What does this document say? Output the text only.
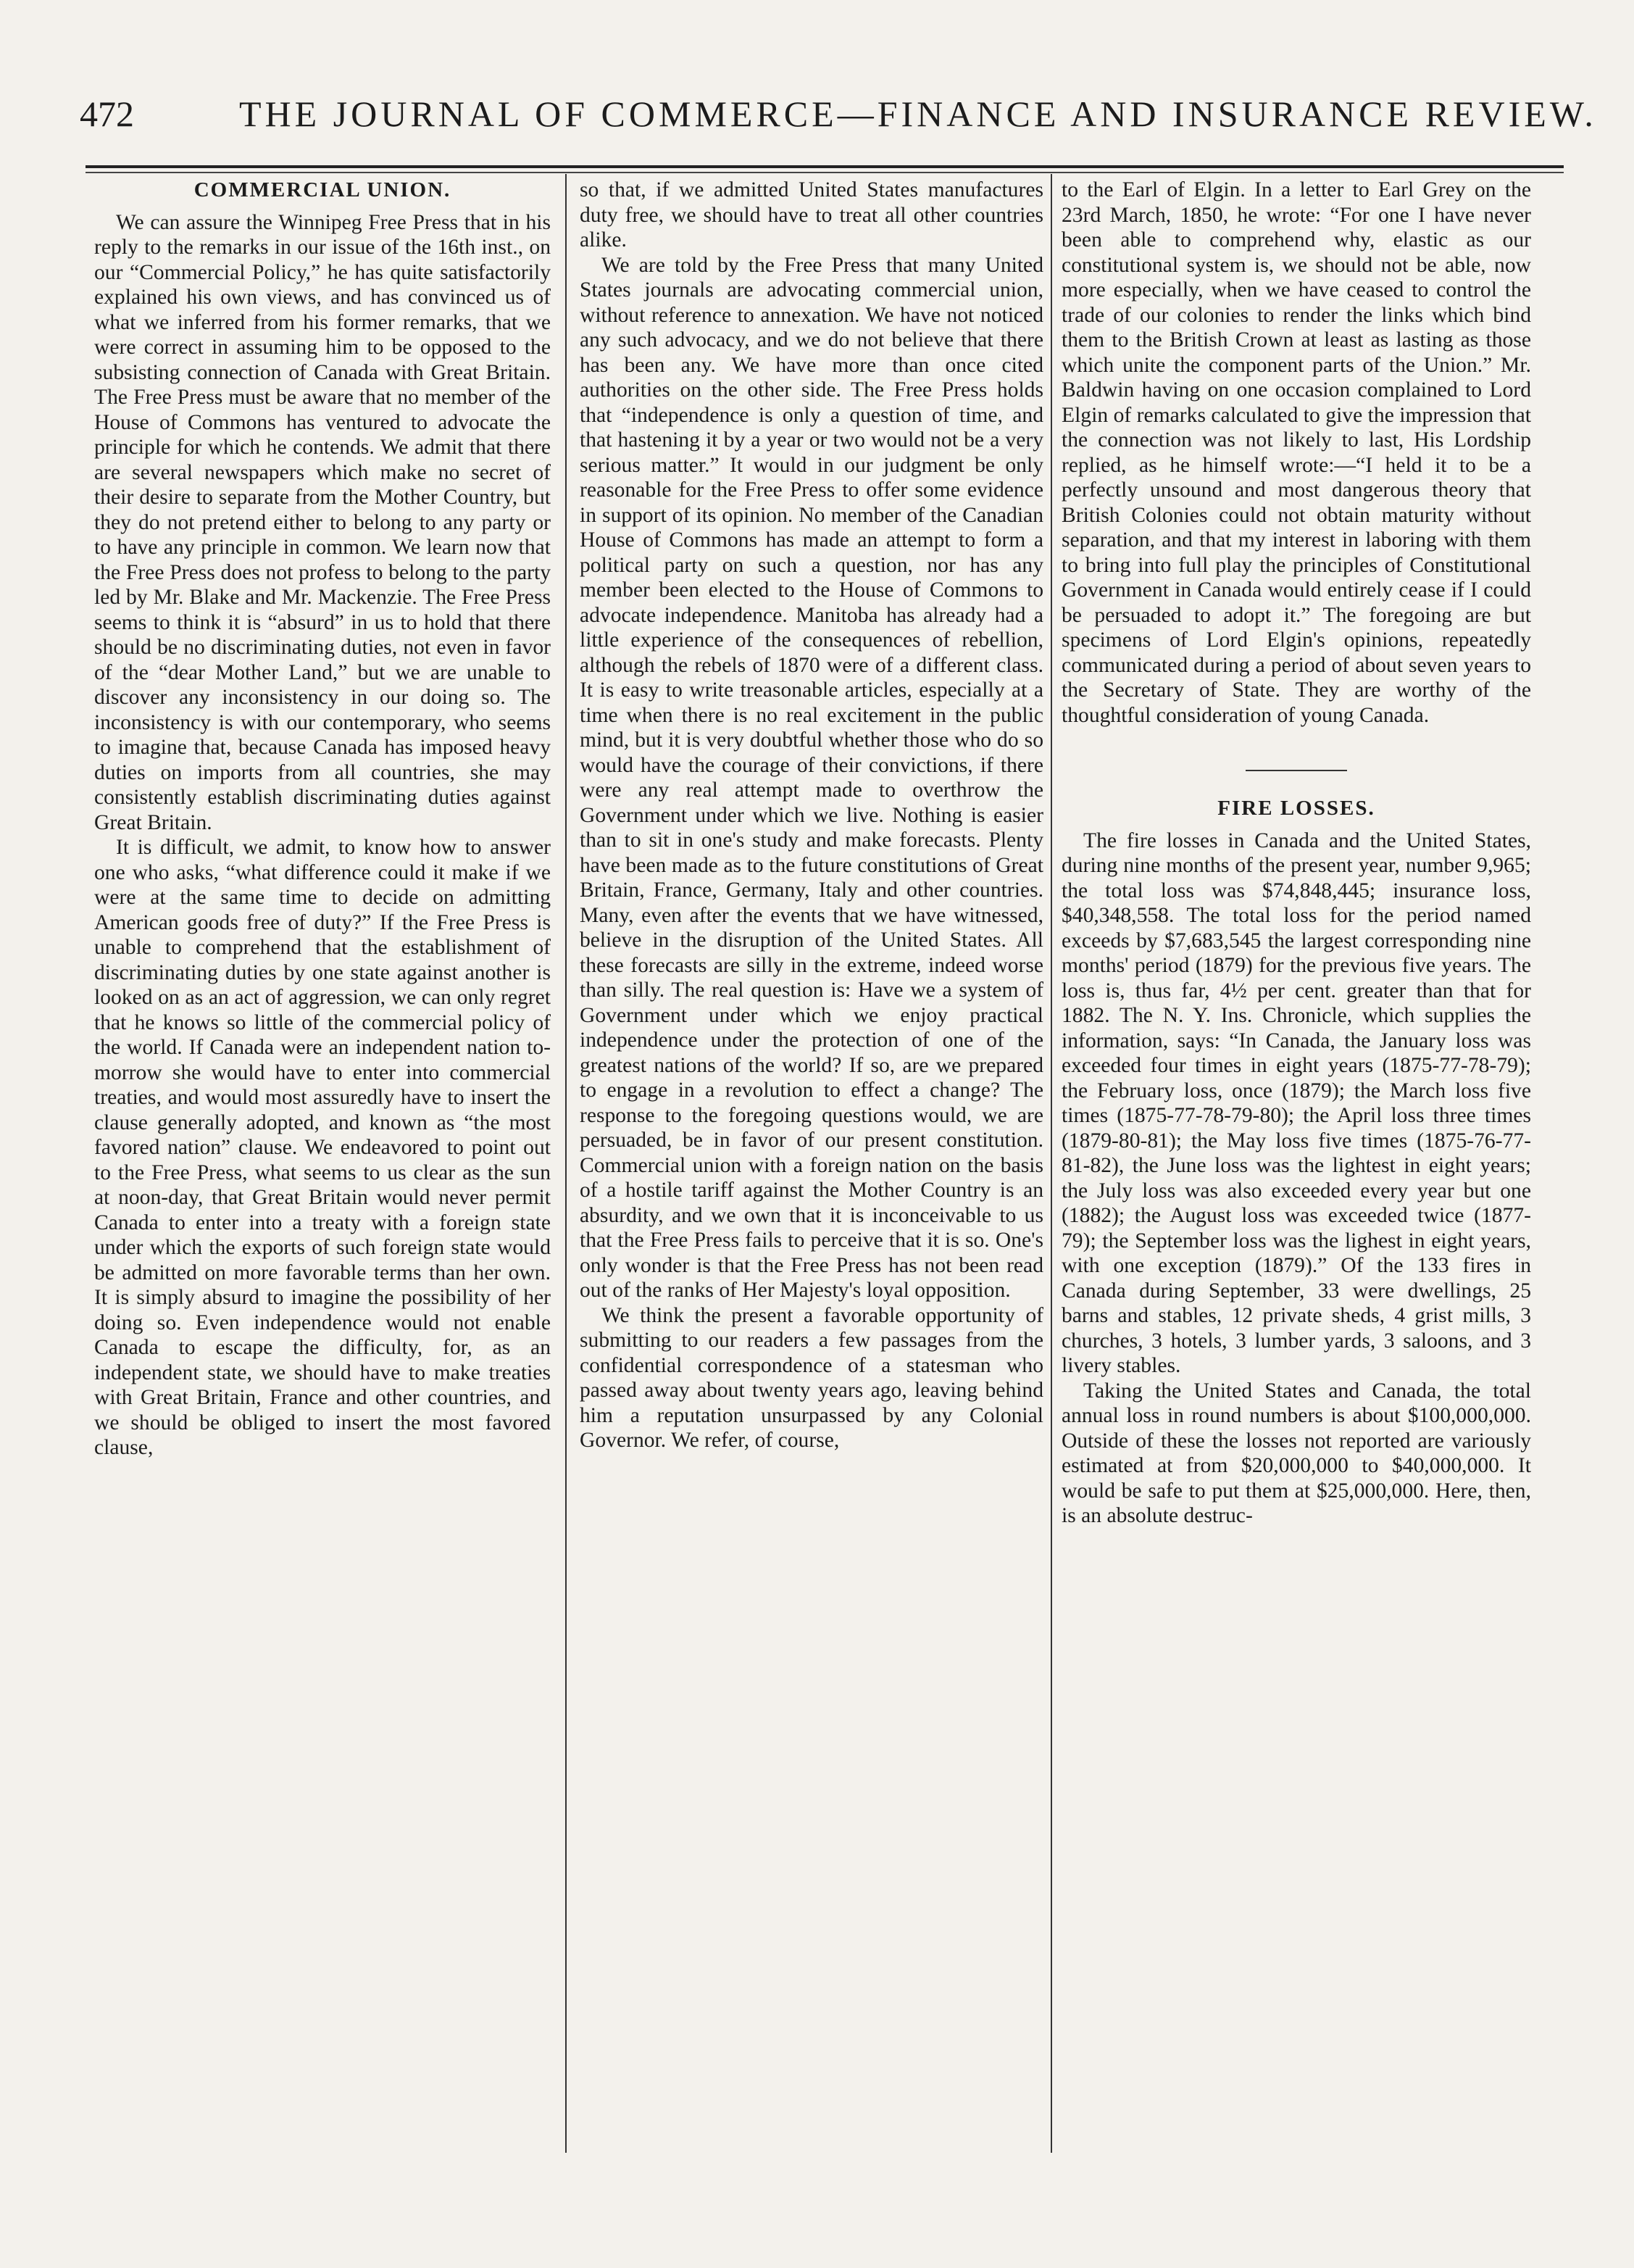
472	THE JOURNAL OF COMMERCE—FINANCE AND INSURANCE REVIEW.
COMMERCIAL UNION.

We can assure the Winnipeg Free Press that in his reply to the remarks in our issue of the 16th inst., on our “Commercial Policy,” he has quite satisfactorily explained his own views, and has convinced us of what we inferred from his former remarks, that we were correct in assuming him to be opposed to the subsisting connection of Canada with Great Britain. The Free Press must be aware that no member of the House of Commons has ventured to advocate the principle for which he contends. We admit that there are several newspapers which make no secret of their desire to separate from the Mother Country, but they do not pretend either to belong to any party or to have any principle in common. We learn now that the Free Press does not profess to belong to the party led by Mr. Blake and Mr. Mackenzie. The Free Press seems to think it is “absurd” in us to hold that there should be no discriminating duties, not even in favor of the “dear Mother Land,” but we are unable to discover any inconsistency in our doing so. The inconsistency is with our contemporary, who seems to imagine that, because Canada has imposed heavy duties on imports from all countries, she may consistently establish discriminating duties against Great Britain.

It is difficult, we admit, to know how to answer one who asks, “what difference could it make if we were at the same time to decide on admitting American goods free of duty?” If the Free Press is unable to comprehend that the establishment of discriminating duties by one state against another is looked on as an act of aggression, we can only regret that he knows so little of the commercial policy of the world. If Canada were an independent nation to-morrow she would have to enter into commercial treaties, and would most assuredly have to insert the clause generally adopted, and known as “the most favored nation” clause. We endeavored to point out to the Free Press, what seems to us clear as the sun at noon-day, that Great Britain would never permit Canada to enter into a treaty with a foreign state under which the exports of such foreign state would be admitted on more favorable terms than her own. It is simply absurd to imagine the possibility of her doing so. Even independence would not enable Canada to escape the difficulty, for, as an independent state, we should have to make treaties with Great Britain, France and other countries, and we should be obliged to insert the most favored clause,

so that, if we admitted United States manufactures duty free, we should have to treat all other countries alike.

We are told by the Free Press that many United States journals are advocating commercial union, without reference to annexation. We have not noticed any such advocacy, and we do not believe that there has been any. We have more than once cited authorities on the other side. The Free Press holds that “independence is only a question of time, and that hastening it by a year or two would not be a very serious matter.” It would in our judgment be only reasonable for the Free Press to offer some evidence in support of its opinion. No member of the Canadian House of Commons has made an attempt to form a political party on such a question, nor has any member been elected to the House of Commons to advocate independence. Manitoba has already had a little experience of the consequences of rebellion, although the rebels of 1870 were of a different class. It is easy to write treasonable articles, especially at a time when there is no real excitement in the public mind, but it is very doubtful whether those who do so would have the courage of their convictions, if there were any real attempt made to overthrow the Government under which we live. Nothing is easier than to sit in one's study and make forecasts. Plenty have been made as to the future constitutions of Great Britain, France, Germany, Italy and other countries. Many, even after the events that we have witnessed, believe in the disruption of the United States. All these forecasts are silly in the extreme, indeed worse than silly. The real question is: Have we a system of Government under which we enjoy practical independence under the protection of one of the greatest nations of the world? If so, are we prepared to engage in a revolution to effect a change? The response to the foregoing questions would, we are persuaded, be in favor of our present constitution. Commercial union with a foreign nation on the basis of a hostile tariff against the Mother Country is an absurdity, and we own that it is inconceivable to us that the Free Press fails to perceive that it is so. One's only wonder is that the Free Press has not been read out of the ranks of Her Majesty's loyal opposition.

We think the present a favorable opportunity of submitting to our readers a few passages from the confidential correspondence of a statesman who passed away about twenty years ago, leaving behind him a reputation unsurpassed by any Colonial Governor. We refer, of course,

to the Earl of Elgin. In a letter to Earl Grey on the 23rd March, 1850, he wrote: “For one I have never been able to comprehend why, elastic as our constitutional system is, we should not be able, now more especially, when we have ceased to control the trade of our colonies to render the links which bind them to the British Crown at least as lasting as those which unite the component parts of the Union.” Mr. Baldwin having on one occasion complained to Lord Elgin of remarks calculated to give the impression that the connection was not likely to last, His Lordship replied, as he himself wrote:—“I held it to be a perfectly unsound and most dangerous theory that British Colonies could not obtain maturity without separation, and that my interest in laboring with them to bring into full play the principles of Constitutional Government in Canada would entirely cease if I could be persuaded to adopt it.” The foregoing are but specimens of Lord Elgin's opinions, repeatedly communicated during a period of about seven years to the Secretary of State. They are worthy of the thoughtful consideration of young Canada.

FIRE LOSSES.

The fire losses in Canada and the United States, during nine months of the present year, number 9,965; the total loss was $74,848,445; insurance loss, $40,348,558. The total loss for the period named exceeds by $7,683,545 the largest corresponding nine months' period (1879) for the previous five years. The loss is, thus far, 4½ per cent. greater than that for 1882. The N. Y. Ins. Chronicle, which supplies the information, says: “In Canada, the January loss was exceeded four times in eight years (1875-77-78-79); the February loss, once (1879); the March loss five times (1875-77-78-79-80); the April loss three times (1879-80-81); the May loss five times (1875-76-77-81-82), the June loss was the lightest in eight years; the July loss was also exceeded every year but one (1882); the August loss was exceeded twice (1877-79); the September loss was the lighest in eight years, with one exception (1879).” Of the 133 fires in Canada during September, 33 were dwellings, 25 barns and stables, 12 private sheds, 4 grist mills, 3 churches, 3 hotels, 3 lumber yards, 3 saloons, and 3 livery stables.

Taking the United States and Canada, the total annual loss in round numbers is about $100,000,000. Outside of these the losses not reported are variously estimated at from $20,000,000 to $40,000,000. It would be safe to put them at $25,000,000. Here, then, is an absolute destruc-
